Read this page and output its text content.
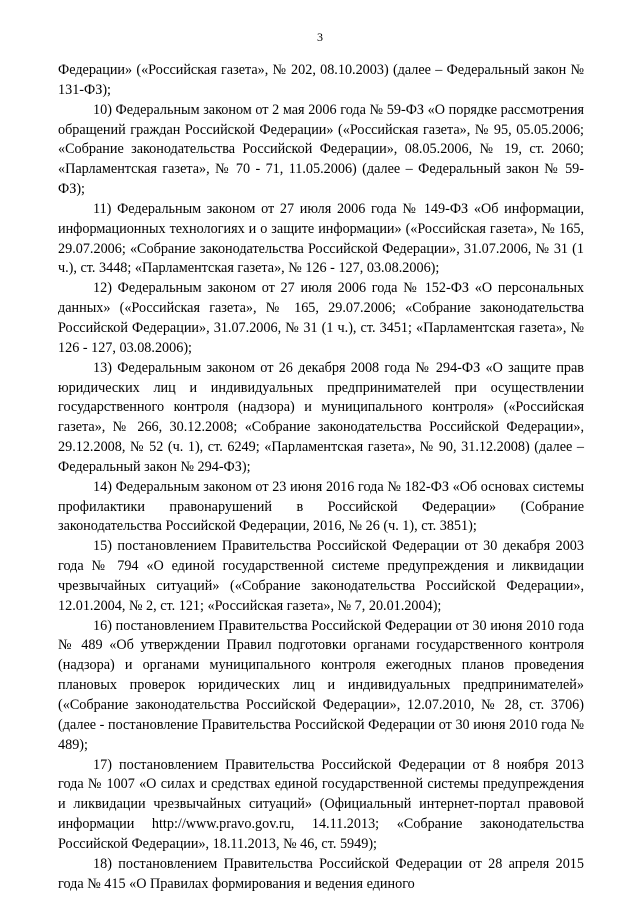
3

Федерации» («Российская газета», № 202, 08.10.2003) (далее – Федеральный закон № 131-ФЗ);

10) Федеральным законом от 2 мая 2006 года № 59-ФЗ «О порядке рассмотрения обращений граждан Российской Федерации» («Российская газета», № 95, 05.05.2006; «Собрание законодательства Российской Федерации», 08.05.2006, № 19, ст. 2060; «Парламентская газета», № 70 - 71, 11.05.2006) (далее – Федеральный закон № 59-ФЗ);

11) Федеральным законом от 27 июля 2006 года № 149-ФЗ «Об информации, информационных технологиях и о защите информации» («Российская газета», № 165, 29.07.2006; «Собрание законодательства Российской Федерации», 31.07.2006, № 31 (1 ч.), ст. 3448; «Парламентская газета», № 126 - 127, 03.08.2006);

12) Федеральным законом от 27 июля 2006 года № 152-ФЗ «О персональных данных» («Российская газета», № 165, 29.07.2006; «Собрание законодательства Российской Федерации», 31.07.2006, № 31 (1 ч.), ст. 3451; «Парламентская газета», № 126 - 127, 03.08.2006);

13) Федеральным законом от 26 декабря 2008 года № 294-ФЗ «О защите прав юридических лиц и индивидуальных предпринимателей при осуществлении государственного контроля (надзора) и муниципального контроля» («Российская газета», № 266, 30.12.2008; «Собрание законодательства Российской Федерации», 29.12.2008, № 52 (ч. 1), ст. 6249; «Парламентская газета», № 90, 31.12.2008) (далее – Федеральный закон № 294-ФЗ);

14) Федеральным законом от 23 июня 2016 года № 182-ФЗ «Об основах системы профилактики правонарушений в Российской Федерации» (Собрание законодательства Российской Федерации, 2016, № 26 (ч. 1), ст. 3851);

15) постановлением Правительства Российской Федерации от 30 декабря 2003 года № 794 «О единой государственной системе предупреждения и ликвидации чрезвычайных ситуаций» («Собрание законодательства Российской Федерации», 12.01.2004, № 2, ст. 121; «Российская газета», № 7, 20.01.2004);

16) постановлением Правительства Российской Федерации от 30 июня 2010 года № 489 «Об утверждении Правил подготовки органами государственного контроля (надзора) и органами муниципального контроля ежегодных планов проведения плановых проверок юридических лиц и индивидуальных предпринимателей» («Собрание законодательства Российской Федерации», 12.07.2010, № 28, ст. 3706) (далее - постановление Правительства Российской Федерации от 30 июня 2010 года № 489);

17) постановлением Правительства Российской Федерации от 8 ноября 2013 года № 1007 «О силах и средствах единой государственной системы предупреждения и ликвидации чрезвычайных ситуаций» (Официальный интернет-портал правовой информации http://www.pravo.gov.ru, 14.11.2013; «Собрание законодательства Российской Федерации», 18.11.2013, № 46, ст. 5949);

18) постановлением Правительства Российской Федерации от 28 апреля 2015 года № 415 «О Правилах формирования и ведения единого
